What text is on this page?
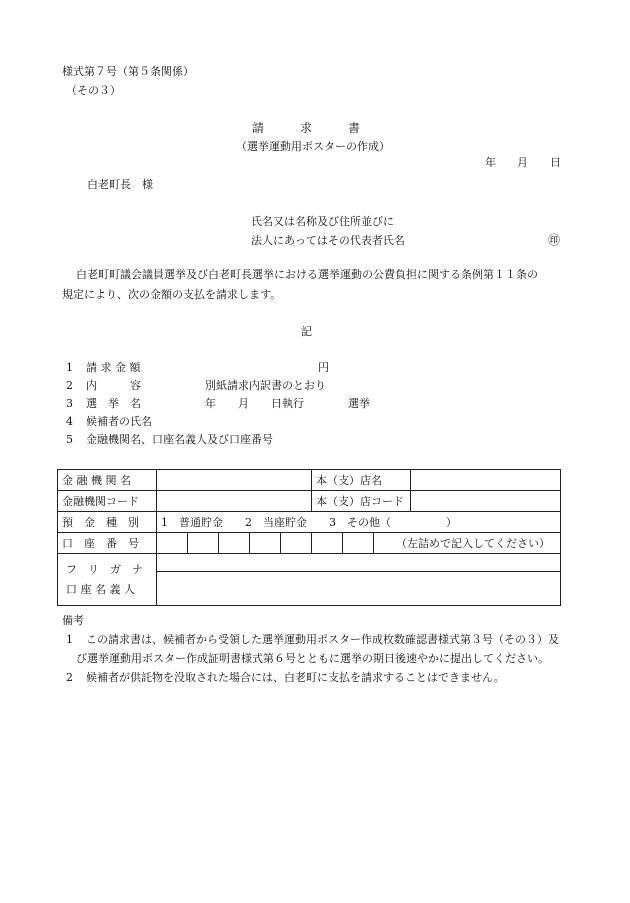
様式第７号（第５条関係）
（その３）
請　　　求　　　書
（選挙運動用ポスターの作成）
年 月 日
白老町長　様
氏名又は名称及び住所並びに
法人にあってはその代表者氏名	㊞
白老町町議会議員選挙及び白老町長選挙における選挙運動の公費負担に関する条例第１１条の
規定により、次の金額の支払を請求します。
記
1 請 求 金 額	円
2 内　　　容	別紙請求内訳書のとおり
3 選　挙　名	年　　月　　日執行　　　　選挙
4 候補者の氏名
5 金融機関名、口座名義人及び口座番号
金 融 機 関 名						本（支）店名			
金融機関コード						本（支）店コード			
預　金　種　別	1　普通貯金　　2　当座貯金　　3　その他（　　　　　）								
口　座　番　号								（左詰めで記入してください）	

フ　リ　ガ　ナ
口 座 名 義 人									

備考
1 この請求書は、候補者から受領した選挙運動用ポスター作成枚数確認書様式第３号（その３）及
び選挙運動用ポスター作成証明書様式第６号とともに選挙の期日後速やかに提出してください。
2 候補者が供託物を没取された場合には、白老町に支払を請求することはできません。
